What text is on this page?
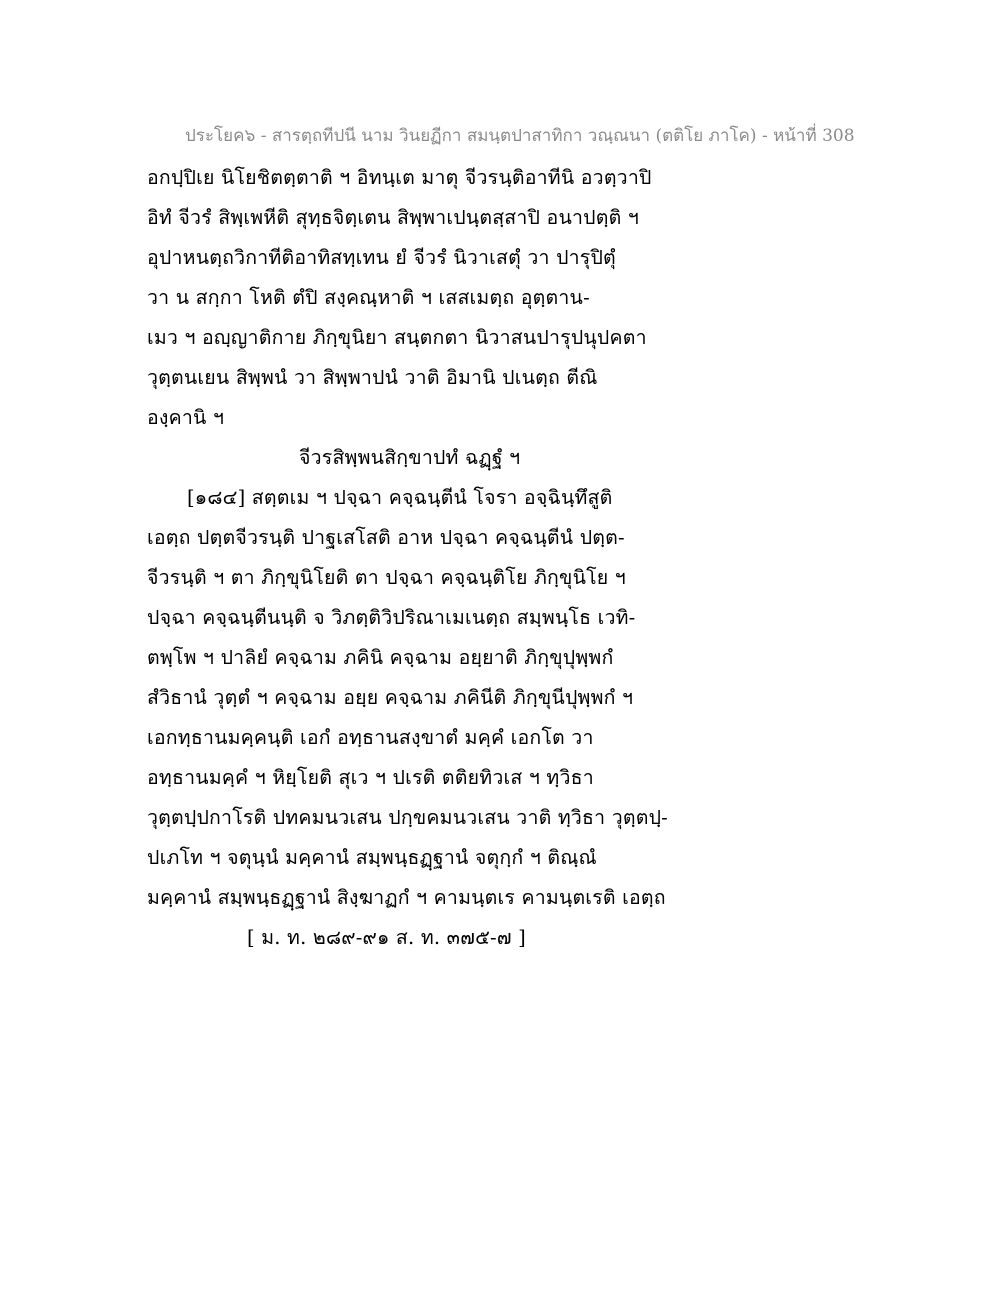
ประโยค๖ - สารตฺถทีปนี นาม วินยฏีกา สมนฺตปาสาทิกา วณฺณนา (ตติโย ภาโค) - หน้าที่ 308
อกปฺปิเย นิโยชิตตฺตาติ ฯ อิทนฺเต มาตุ จีวรนฺติอาทีนิ อวตฺวาปิ
อิทํ จีวรํ สิพฺเพหีติ สุทฺธจิตฺเตน สิพฺพาเปนฺตสฺสาปิ อนาปตฺติ ฯ
อุปาหนตฺถวิกาทีติอาทิสทฺเทน ยํ จีวรํ นิวาเสตุํ วา ปารุปิตุํ
วา น สกฺกา โหติ ตํปิ สงฺคณฺหาติ ฯ เสสเมตฺถ อุตฺตาน-
เมว ฯ อญฺญาติกาย ภิกฺขุนิยา สนฺตกตา นิวาสนปารุปนุปคตา
วุตฺตนเยน สิพฺพนํ วา สิพฺพาปนํ วาติ อิมานิ ปเนตฺถ ตีณิ
องฺคานิ ฯ
จีวรสิพฺพนสิกฺขาปทํ ฉฏฺฐํ ฯ
[๑๘๔] สตฺตเม ฯ ปจฺฉา คจฺฉนฺตีนํ โจรา อจฺฉินฺทึสูติ
เอตฺถ ปตฺตจีวรนฺติ ปาฐเสโสติ อาห ปจฺฉา คจฺฉนฺตีนํ ปตฺต-
จีวรนฺติ ฯ ตา ภิกฺขุนิโยติ ตา ปจฺฉา คจฺฉนฺติโย ภิกฺขุนิโย ฯ
ปจฺฉา คจฺฉนฺตีนนฺติ จ วิภตฺติวิปริณาเมเนตฺถ สมฺพนฺโธ เวทิ-
ตพฺโพ ฯ ปาลิยํ คจฺฉาม ภคินิ คจฺฉาม อยฺยาติ ภิกฺขุปุพฺพกํ
สํวิธานํ วุตฺตํ ฯ คจฺฉาม อยฺย คจฺฉาม ภคินีติ ภิกฺขุนีปุพฺพกํ ฯ
เอกทฺธานมคฺคนฺติ เอกํ อทฺธานสงฺขาตํ มคฺคํ เอกโต วา
อทฺธานมคฺคํ ฯ หิยฺโยติ สุเว ฯ ปเรติ ตติยทิวเส ฯ ทฺวิธา
วุตฺตปฺปกาโรติ ปทคมนวเสน ปกฺขคมนวเสน วาติ ทฺวิธา วุตฺตปฺ-
ปเภโท ฯ จตุนฺนํ มคฺคานํ สมฺพนฺธฏฺฐานํ จตุกฺกํ ฯ ติณฺณํ
มคฺคานํ สมฺพนฺธฏฺฐานํ สิงฺฆาฏกํ ฯ คามนฺตเร คามนฺตเรติ เอตฺถ
[ ม. ท. ๒๘๙-๙๑ ส. ท. ๓๗๕-๗ ]
